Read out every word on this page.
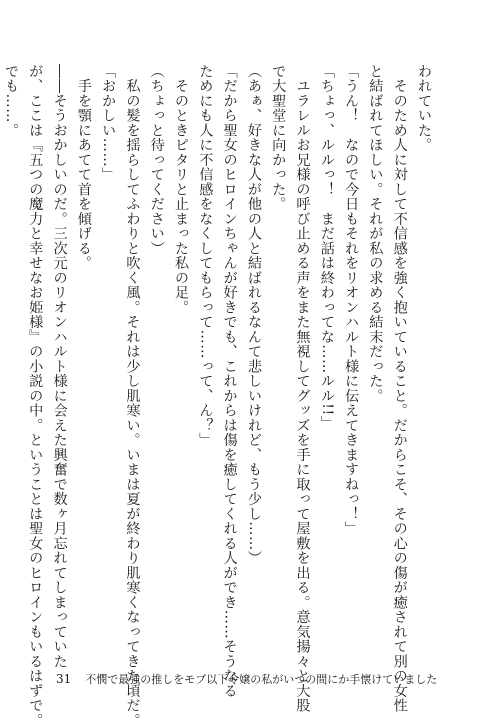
われていた。

　そのため人に対して不信感を強く抱いていること。だからこそ、その心の傷が癒されて別の女性

と結ばれてほしい。それが私の求める結末だった。

「うん！　なので今日もそれをリオンハルト様に伝えてきますねっ！」

「ちょっ、ルルっ！　まだ話は終わってな……ルル!!」

　ユラレルお兄様の呼び止める声をまた無視してグッズを手に取って屋敷を出る。意気揚々と大股

で大聖堂に向かった。

（あぁ、好きな人が他の人と結ばれるなんて悲しいけれど、もう少し……）

「だから聖女のヒロインちゃんが好きでも、これからは傷を癒してくれる人ができ……そうなる

ためにも人に不信感をなくしてもらって……って、ん？」

　そのときピタリと止まった私の足。

（ちょっと待ってください）

　私の髪を揺らしてふわりと吹く風。それは少し肌寒い。いまは夏が終わり肌寒くなってきた頃だ。

「おかしい……」

　手を顎にあてて首を傾げる。

――そうおかしいのだ。三次元のリオンハルト様に会えた興奮で数ヶ月忘れてしまっていた

が、ここは『五つの魔力と幸せなお姫様』の小説の中。ということは聖女のヒロインもいるはずで。

でも……。

31 不憫で最強の推しをモブ以下令嬢の私がいつの間にか手懐けていました
